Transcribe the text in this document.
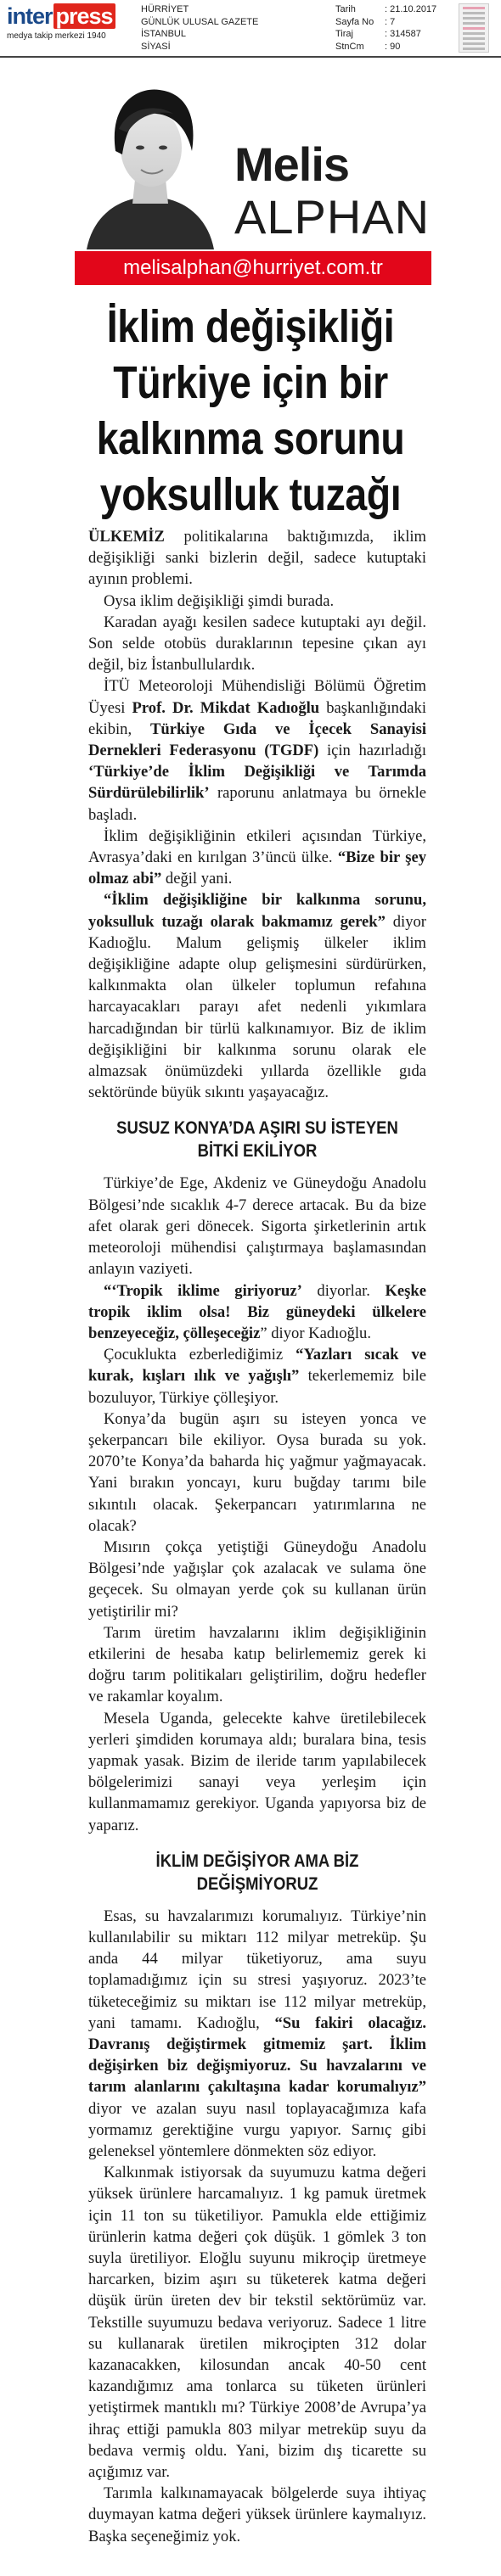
inter press
medya takip merkezi 1940
HÜRRİYET
GÜNLÜK ULUSAL GAZETE
İSTANBUL
SİYASİ
Tarih	: 21.10.2017
Sayfa No	: 7
Tiraj	: 314587
StnCm	: 90
Melis
ALPHAN
melisalphan@hurriyet.com.tr
İklim değişikliği Türkiye için bir kalkınma sorunu yoksulluk tuzağı

ÜLKEMİZ politikalarına baktığımızda, iklim değişikliği sanki bizlerin değil, sadece kutuptaki ayının problemi.

Oysa iklim değişikliği şimdi burada.

Karadan ayağı kesilen sadece kutuptaki ayı değil. Son selde otobüs duraklarının tepesine çıkan ayı değil, biz İstanbullulardık.

İTÜ Meteoroloji Mühendisliği Bölümü Öğretim Üyesi Prof. Dr. Mikdat Kadıoğlu başkanlığındaki ekibin, Türkiye Gıda ve İçecek Sanayisi Dernekleri Federasyonu (TGDF) için hazırladığı ‘Türkiye’de İklim Değişikliği ve Tarımda Sürdürülebilirlik’ raporunu anlatmaya bu örnekle başladı.

İklim değişikliğinin etkileri açısından Türkiye, Avrasya’daki en kırılgan 3’üncü ülke. “Bize bir şey olmaz abi” değil yani.

“İklim değişikliğine bir kalkınma sorunu, yoksulluk tuzağı olarak bakmamız gerek” diyor Kadıoğlu. Malum gelişmiş ülkeler iklim değişikliğine adapte olup gelişmesini sürdürürken, kalkınmakta olan ülkeler toplumun refahına harcayacakları parayı afet nedenli yıkımlara harcadığından bir türlü kalkınamıyor. Biz de iklim değişikliğini bir kalkınma sorunu olarak ele almazsak önümüzdeki yıllarda özellikle gıda sektöründe büyük sıkıntı yaşayacağız.

SUSUZ KONYA’DA AŞIRI SU İSTEYEN BİTKİ EKİLİYOR

Türkiye’de Ege, Akdeniz ve Güneydoğu Anadolu Bölgesi’nde sıcaklık 4-7 derece artacak. Bu da bize afet olarak geri dönecek. Sigorta şirketlerinin artık meteoroloji mühendisi çalıştırmaya başlamasından anlayın vaziyeti.

“‘Tropik iklime giriyoruz’ diyorlar. Keşke tropik iklim olsa! Biz güneydeki ülkelere benzeyeceğiz, çölleşeceğiz” diyor Kadıoğlu.

Çocuklukta ezberlediğimiz “Yazları sıcak ve kurak, kışları ılık ve yağışlı” tekerlememiz bile bozuluyor, Türkiye çölleşiyor.

Konya’da bugün aşırı su isteyen yonca ve şekerpancarı bile ekiliyor. Oysa burada su yok. 2070’te Konya’da baharda hiç yağmur yağmayacak. Yani bırakın yoncayı, kuru buğday tarımı bile sıkıntılı olacak. Şekerpancarı yatırımlarına ne olacak?

Mısırın çokça yetiştiği Güneydoğu Anadolu Bölgesi’nde yağışlar çok azalacak ve sulama öne geçecek. Su olmayan yerde çok su kullanan ürün yetiştirilir mi?

Tarım üretim havzalarını iklim değişikliğinin etkilerini de hesaba katıp belirlememiz gerek ki doğru tarım politikaları geliştirilim, doğru hedefler ve rakamlar koyalım.

Mesela Uganda, gelecekte kahve üretilebilecek yerleri şimdiden korumaya aldı; buralara bina, tesis yapmak yasak. Bizim de ileride tarım yapılabilecek bölgelerimizi sanayi veya yerleşim için kullanmamamız gerekiyor. Uganda yapıyorsa biz de yaparız.

İKLİM DEĞİŞİYOR AMA BİZ DEĞİŞMİYORUZ

Esas, su havzalarımızı korumalıyız. Türkiye’nin kullanılabilir su miktarı 112 milyar metreküp. Şu anda 44 milyar tüketiyoruz, ama suyu toplamadığımız için su stresi yaşıyoruz. 2023’te tüketeceğimiz su miktarı ise 112 milyar metreküp, yani tamamı. Kadıoğlu, “Su fakiri olacağız. Davranış değiştirmek gitmemiz şart. İklim değişirken biz değişmiyoruz. Su havzalarını ve tarım alanlarını çakıltaşına kadar korumalıyız” diyor ve azalan suyu nasıl toplayacağımıza kafa yormamız gerektiğine vurgu yapıyor. Sarnıç gibi geleneksel yöntemlere dönmekten söz ediyor.

Kalkınmak istiyorsak da suyumuzu katma değeri yüksek ürünlere harcamalıyız. 1 kg pamuk üretmek için 11 ton su tüketiliyor. Pamukla elde ettiğimiz ürünlerin katma değeri çok düşük. 1 gömlek 3 ton suyla üretiliyor. Eloğlu suyunu mikroçip üretmeye harcarken, bizim aşırı su tüketerek katma değeri düşük ürün üreten dev bir tekstil sektörümüz var. Tekstille suyumuzu bedava veriyoruz. Sadece 1 litre su kullanarak üretilen mikroçipten 312 dolar kazanacakken, kilosundan ancak 40-50 cent kazandığımız ama tonlarca su tüketen ürünleri yetiştirmek mantıklı mı? Türkiye 2008’de Avrupa’ya ihraç ettiği pamukla 803 milyar metreküp suyu da bedava vermiş oldu. Yani, bizim dış ticarette su açığımız var.

Tarımla kalkınamayacak bölgelerde suya ihtiyaç duymayan katma değeri yüksek ürünlere kaymalıyız. Başka seçeneğimiz yok.
